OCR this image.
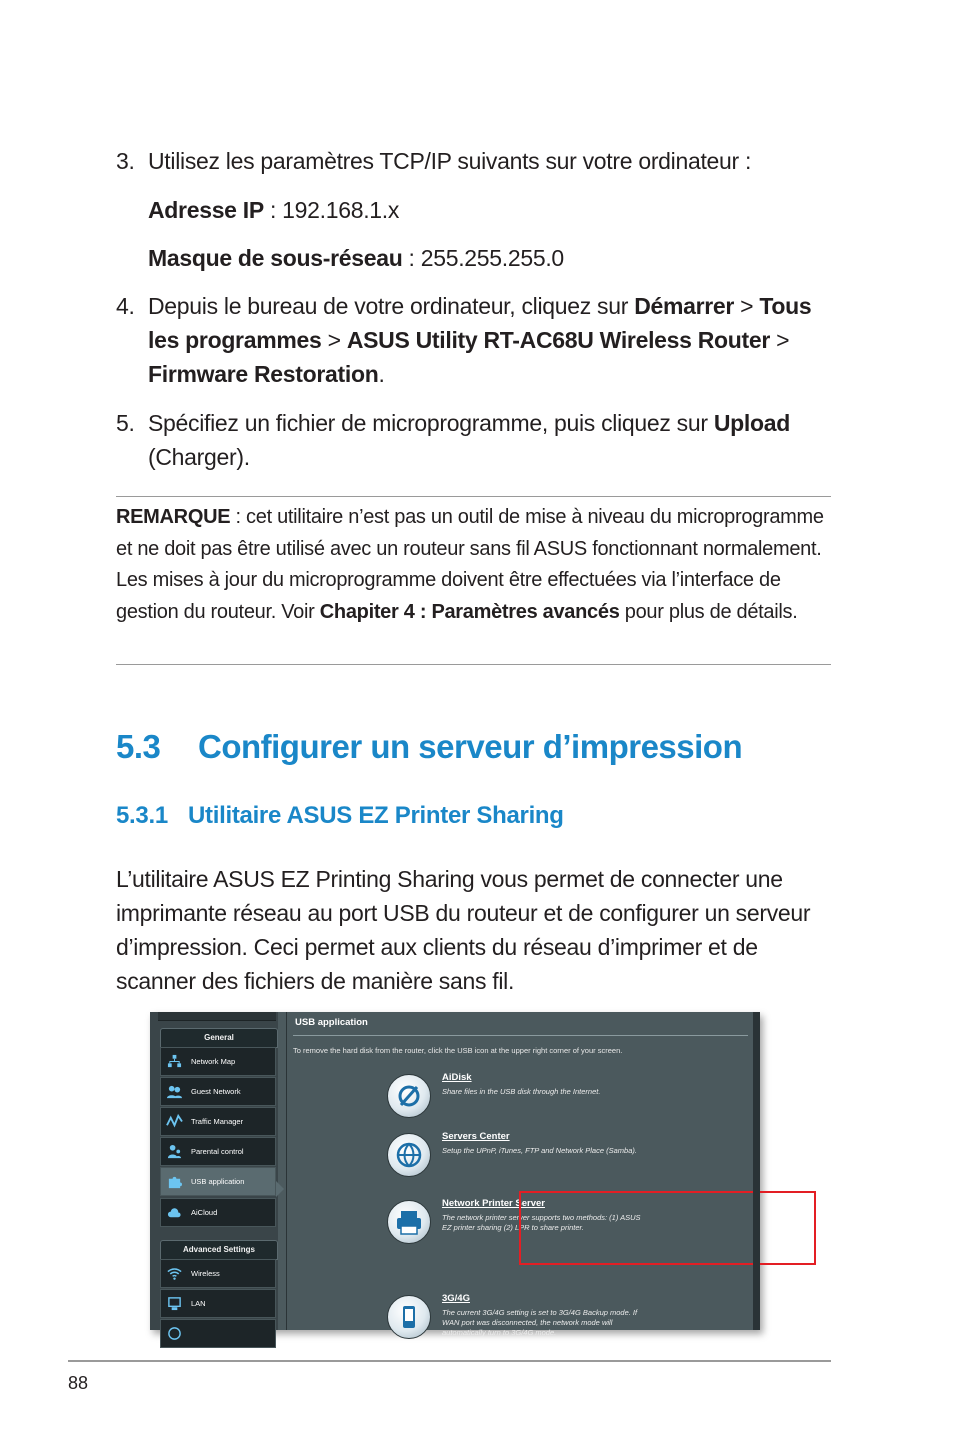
3. Utilisez les paramètres TCP/IP suivants sur votre ordinateur :
Adresse IP : 192.168.1.x
Masque de sous-réseau : 255.255.255.0
4. Depuis le bureau de votre ordinateur, cliquez sur Démarrer > Tous les programmes > ASUS Utility RT-AC68U Wireless Router > Firmware Restoration.
5. Spécifiez un fichier de microprogramme, puis cliquez sur Upload (Charger).
REMARQUE : cet utilitaire n’est pas un outil de mise à niveau du microprogramme et ne doit pas être utilisé avec un routeur sans fil ASUS fonctionnant normalement. Les mises à jour du microprogramme doivent être effectuées via l’interface de gestion du routeur. Voir Chapiter 4 : Paramètres avancés pour plus de détails.
5.3 Configurer un serveur d’impression
5.3.1 Utilitaire ASUS EZ Printer Sharing
L’utilitaire ASUS EZ Printing Sharing vous permet de connecter une imprimante réseau au port USB du routeur et de configurer un serveur d’impression. Ceci permet aux clients du réseau d’imprimer et de scanner des fichiers de manière sans fil.
General
Network Map
Guest Network
Traffic Manager
Parental control
USB application
AiCloud
Advanced Settings
Wireless
LAN
USB application
To remove the hard disk from the router, click the USB icon at the upper right corner of your screen.
AiDisk
Share files in the USB disk through the Internet.
Servers Center
Setup the UPnP, iTunes, FTP and Network Place (Samba).
Network Printer Server
The network printer server supports two methods: (1) ASUS EZ printer sharing (2) LPR to share printer.
3G/4G
The current 3G/4G setting is set to 3G/4G Backup mode. If WAN port was disconnected, the network mode will automatically turn to 3G/4G mode.
88
